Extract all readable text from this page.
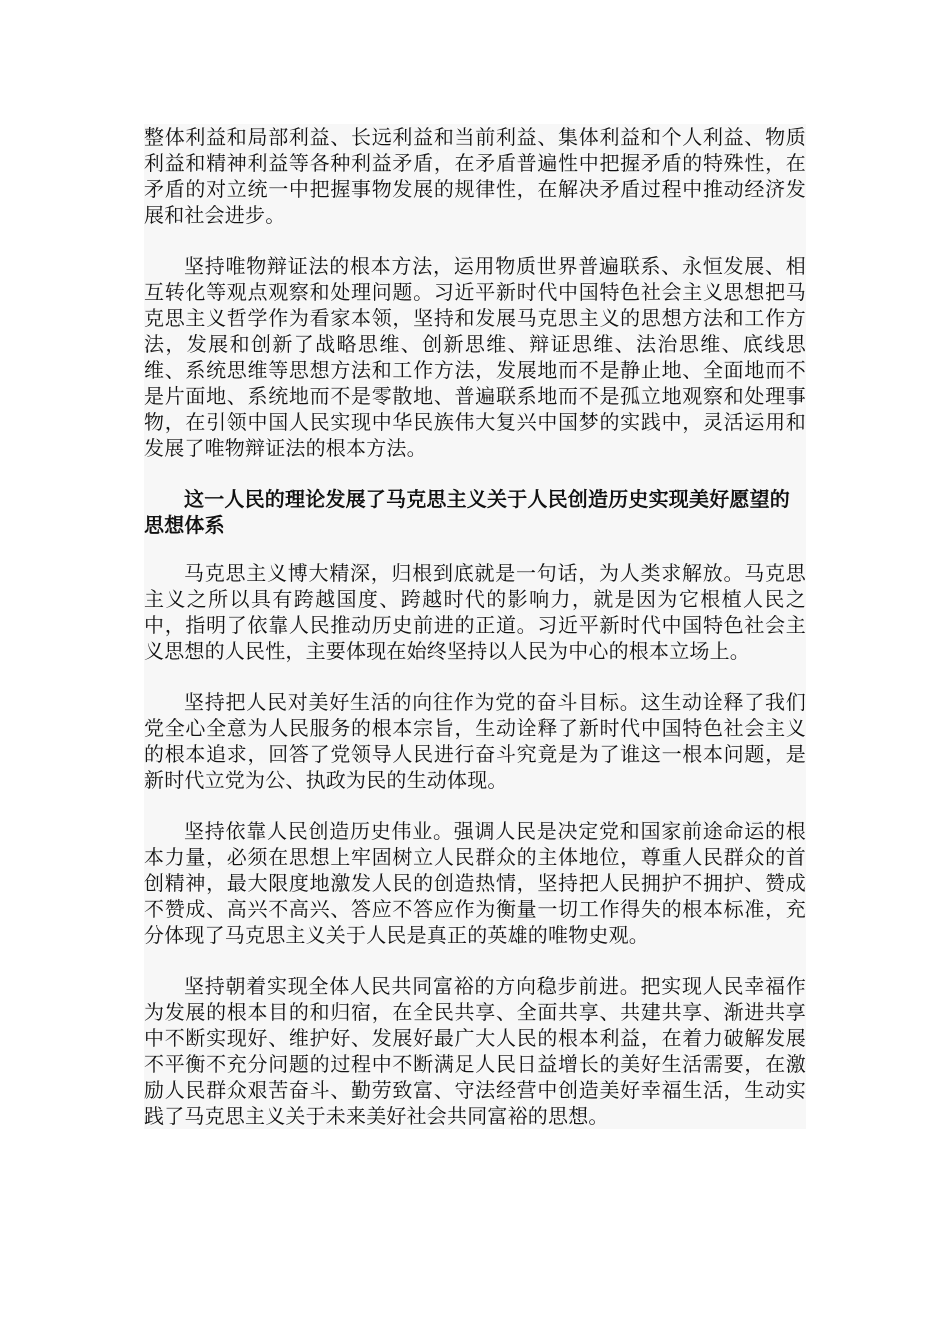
整体利益和局部利益、长远利益和当前利益、集体利益和个人利益、物质利益和精神利益等各种利益矛盾，在矛盾普遍性中把握矛盾的特殊性，在矛盾的对立统一中把握事物发展的规律性，在解决矛盾过程中推动经济发展和社会进步。

坚持唯物辩证法的根本方法，运用物质世界普遍联系、永恒发展、相互转化等观点观察和处理问题。习近平新时代中国特色社会主义思想把马克思主义哲学作为看家本领，坚持和发展马克思主义的思想方法和工作方法，发展和创新了战略思维、创新思维、辩证思维、法治思维、底线思维、系统思维等思想方法和工作方法，发展地而不是静止地、全面地而不是片面地、系统地而不是零散地、普遍联系地而不是孤立地观察和处理事物，在引领中国人民实现中华民族伟大复兴中国梦的实践中，灵活运用和发展了唯物辩证法的根本方法。

这一人民的理论发展了马克思主义关于人民创造历史实现美好愿望的思想体系

马克思主义博大精深，归根到底就是一句话，为人类求解放。马克思主义之所以具有跨越国度、跨越时代的影响力，就是因为它根植人民之中，指明了依靠人民推动历史前进的正道。习近平新时代中国特色社会主义思想的人民性，主要体现在始终坚持以人民为中心的根本立场上。

坚持把人民对美好生活的向往作为党的奋斗目标。这生动诠释了我们党全心全意为人民服务的根本宗旨，生动诠释了新时代中国特色社会主义的根本追求，回答了党领导人民进行奋斗究竟是为了谁这一根本问题，是新时代立党为公、执政为民的生动体现。

坚持依靠人民创造历史伟业。强调人民是决定党和国家前途命运的根本力量，必须在思想上牢固树立人民群众的主体地位，尊重人民群众的首创精神，最大限度地激发人民的创造热情，坚持把人民拥护不拥护、赞成不赞成、高兴不高兴、答应不答应作为衡量一切工作得失的根本标准，充分体现了马克思主义关于人民是真正的英雄的唯物史观。

坚持朝着实现全体人民共同富裕的方向稳步前进。把实现人民幸福作为发展的根本目的和归宿，在全民共享、全面共享、共建共享、渐进共享中不断实现好、维护好、发展好最广大人民的根本利益，在着力破解发展不平衡不充分问题的过程中不断满足人民日益增长的美好生活需要，在激励人民群众艰苦奋斗、勤劳致富、守法经营中创造美好幸福生活，生动实践了马克思主义关于未来美好社会共同富裕的思想。
